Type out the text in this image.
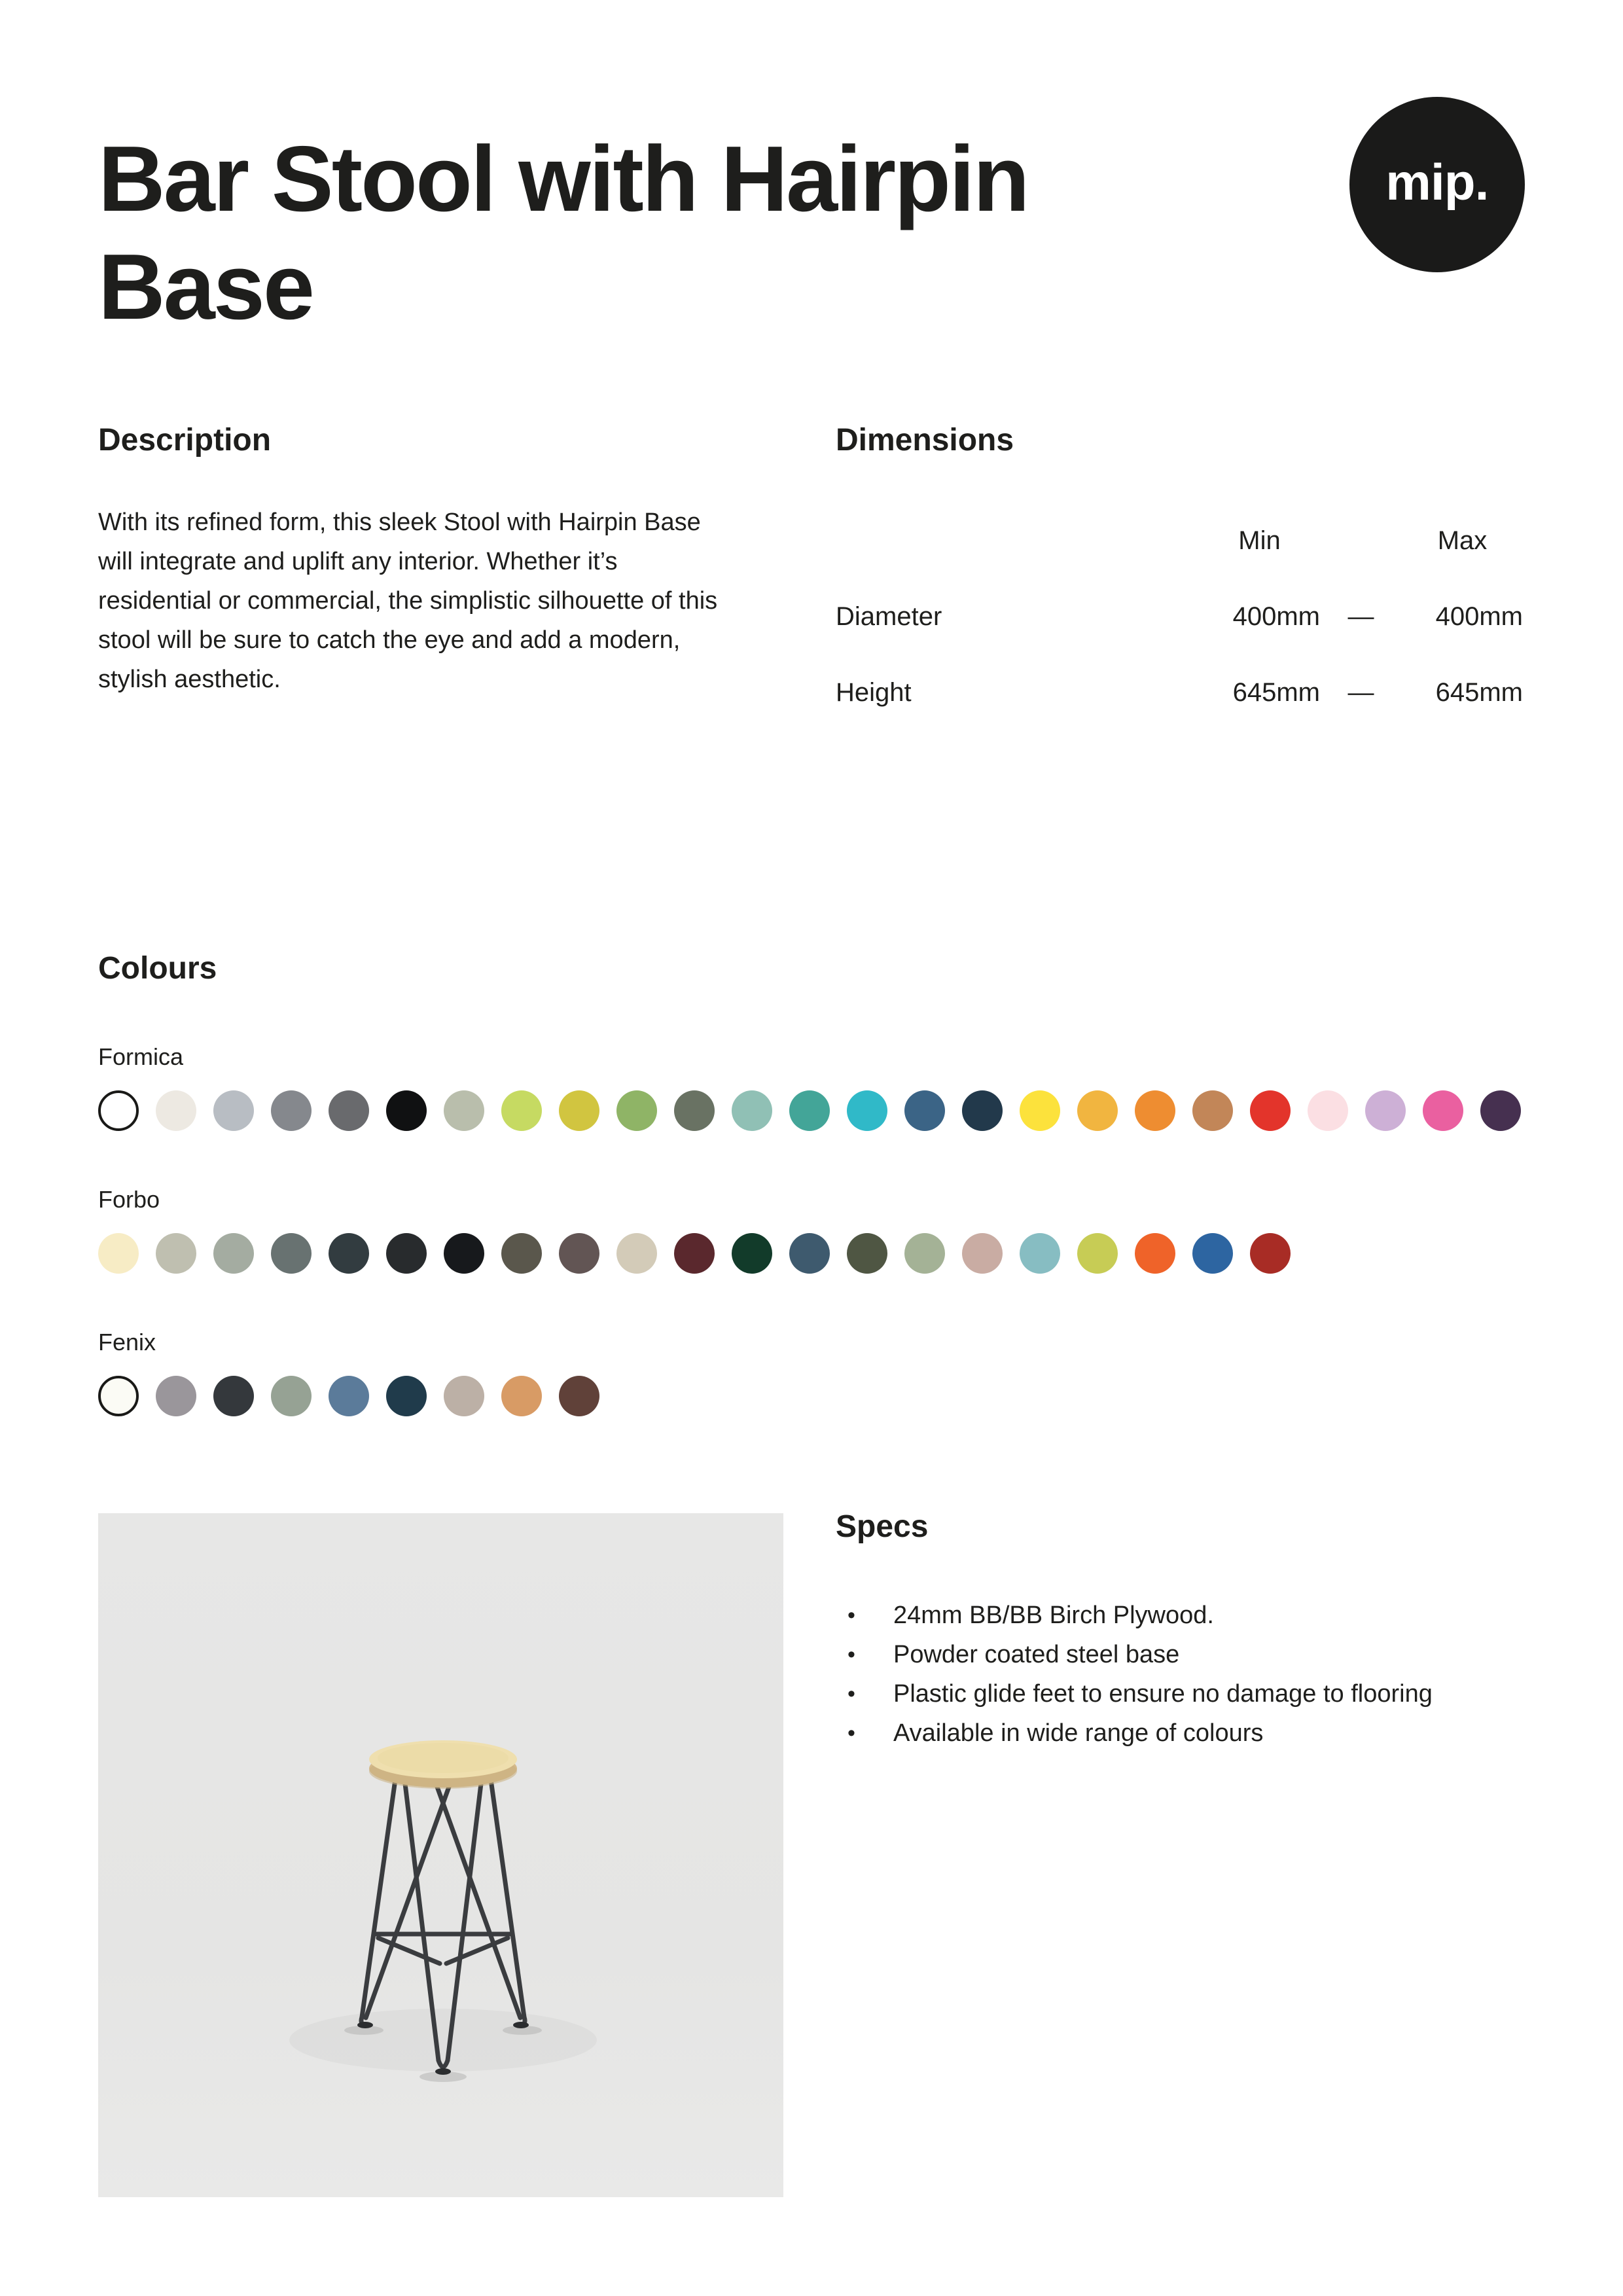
Bar Stool with Hairpin Base
mip.
Description

With its refined form, this sleek Stool with Hairpin Base will integrate and uplift any interior. Whether it’s residential or commercial, the simplistic silhouette of this stool will be sure to catch the eye and add a modern, stylish aesthetic.

Dimensions
Min	Max
Diameter	400mm	—	400mm
Height	645mm	—	645mm
Colours
Formica
Forbo
Fenix
Specs
•	24mm BB/BB Birch Plywood.
•	Powder coated steel base
•	Plastic glide feet to ensure no damage to flooring
•	Available in wide range of colours
